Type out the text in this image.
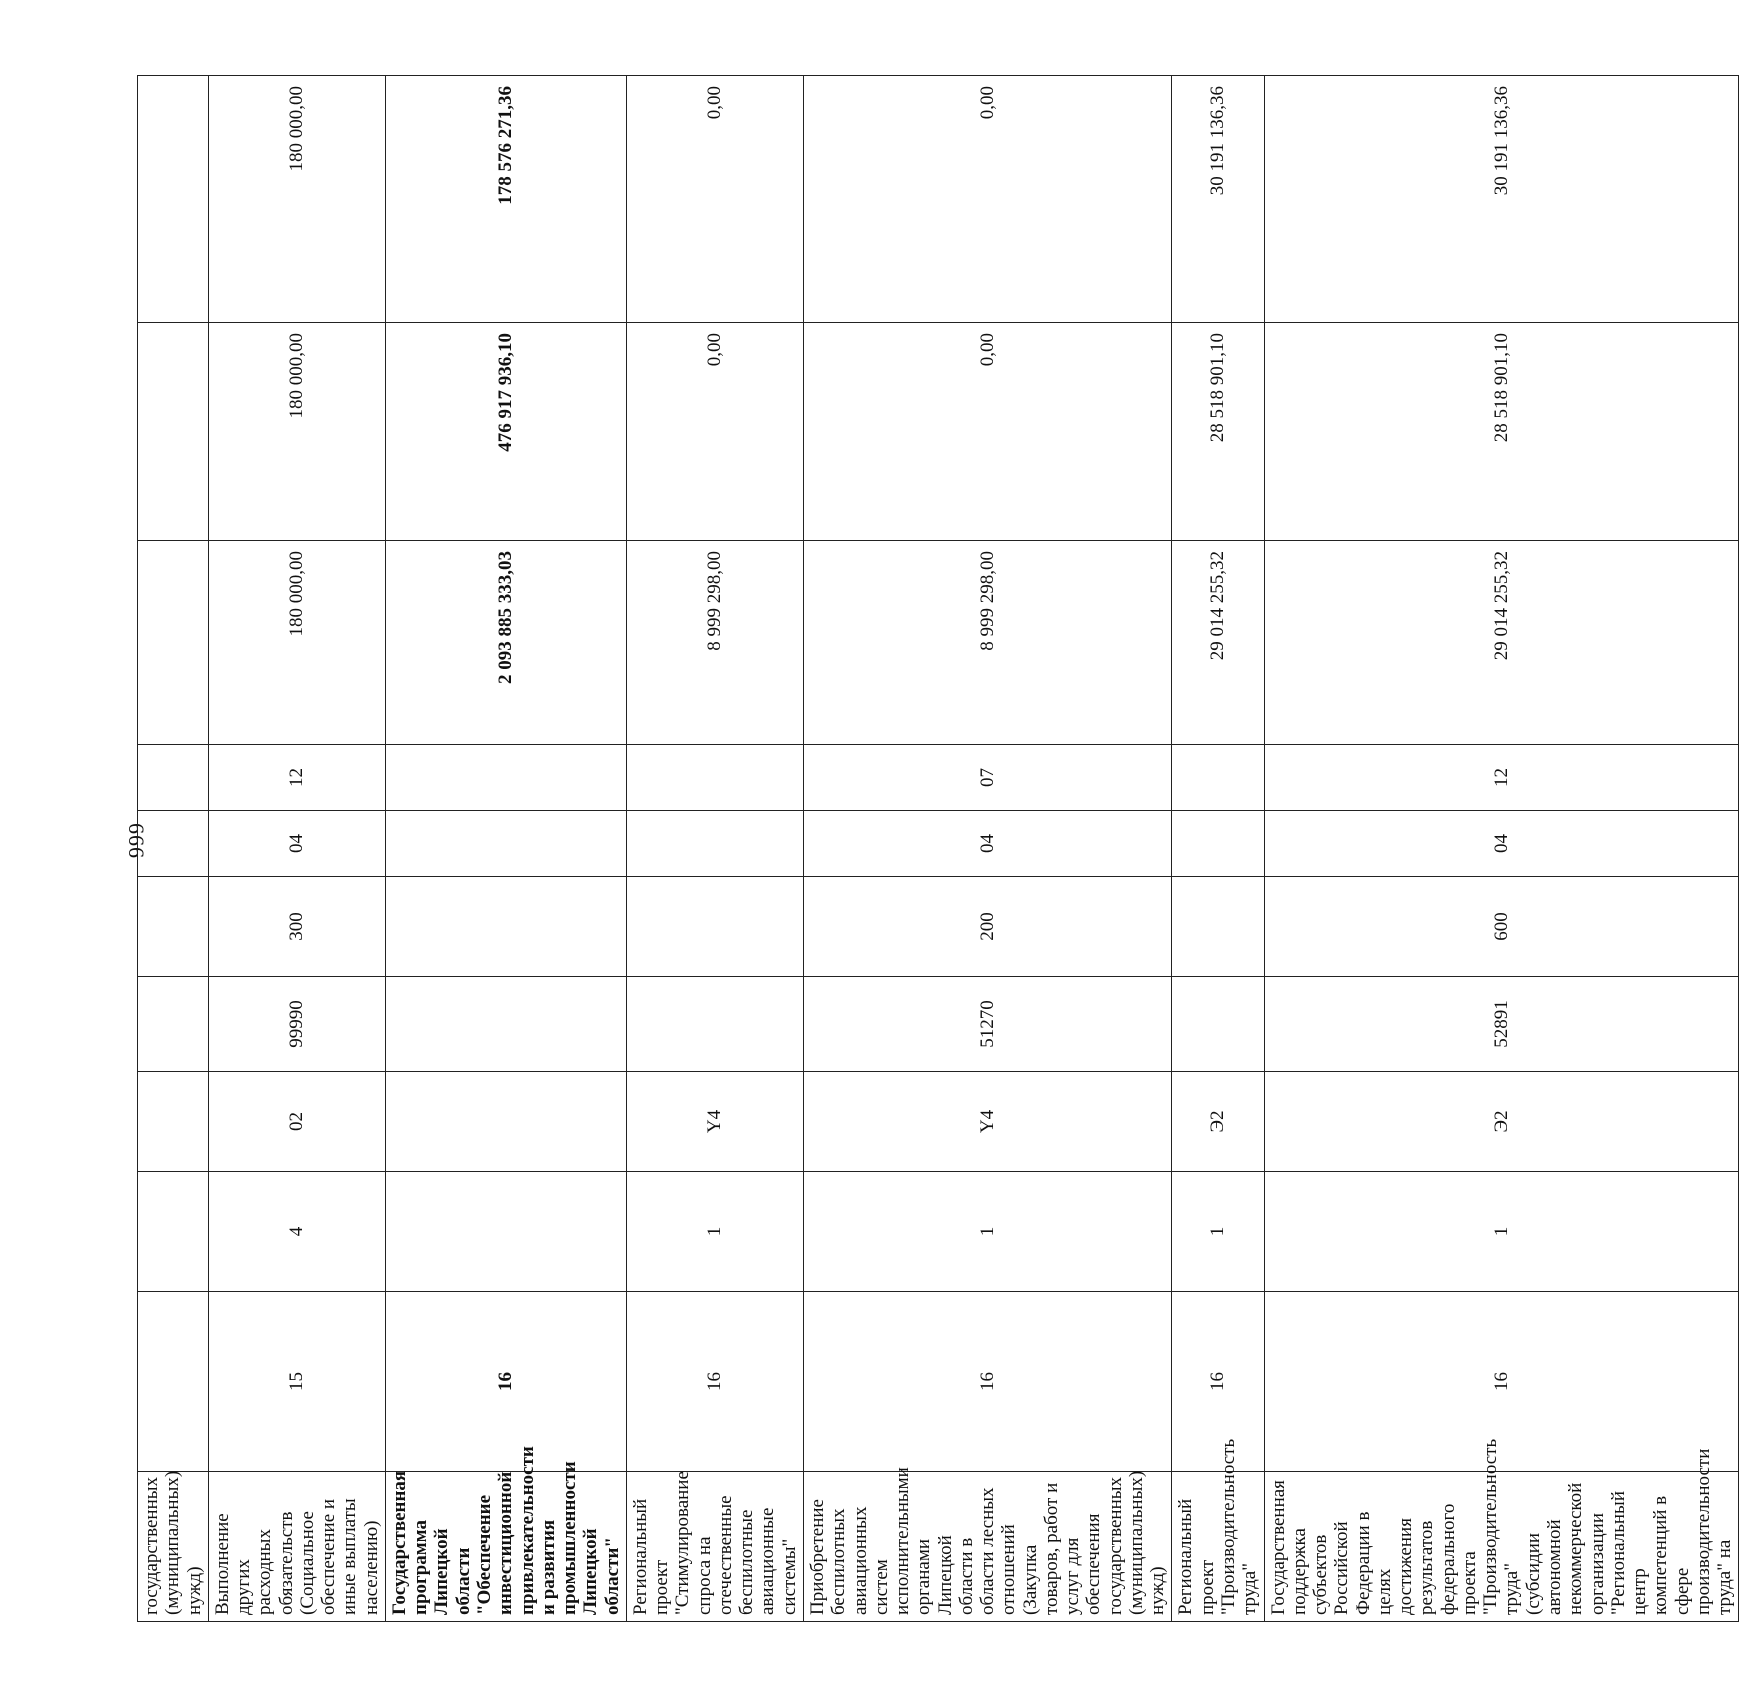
666
государственных (муниципальных) нужд)										
Выполнение других расходных обязательств (Социальное обеспечение и иные выплаты населению)	15	4	02	99990	300	04	12	180 000,00	180 000,00	180 000,00
Государственная программа Липецкой области "Обеспечение инвестиционной привлекательности и развития промышленности Липецкой области"	16							2 093 885 333,03	476 917 936,10	178 576 271,36
Региональный проект "Стимулирование спроса на отечественные беспилотные авиационные системы"	16	1	Y4					8 999 298,00	0,00	0,00
Приобретение беспилотных авиационных систем исполнительными органами Липецкой области в области лесных отношений (Закупка товаров, работ и услуг для обеспечения государственных (муниципальных) нужд)	16	1	Y4	51270	200	04	07	8 999 298,00	0,00	0,00
Региональный проект "Производительность труда"	16	1	Э2					29 014 255,32	28 518 901,10	30 191 136,36
Государственная поддержка субъектов Российской Федерации в целях достижения результатов федерального проекта "Производительность труда" (субсидии автономной некоммерческой организации "Региональный центр компетенций в сфере производительности труда" на	16	1	Э2	52891	600	04	12	29 014 255,32	28 518 901,10	30 191 136,36
